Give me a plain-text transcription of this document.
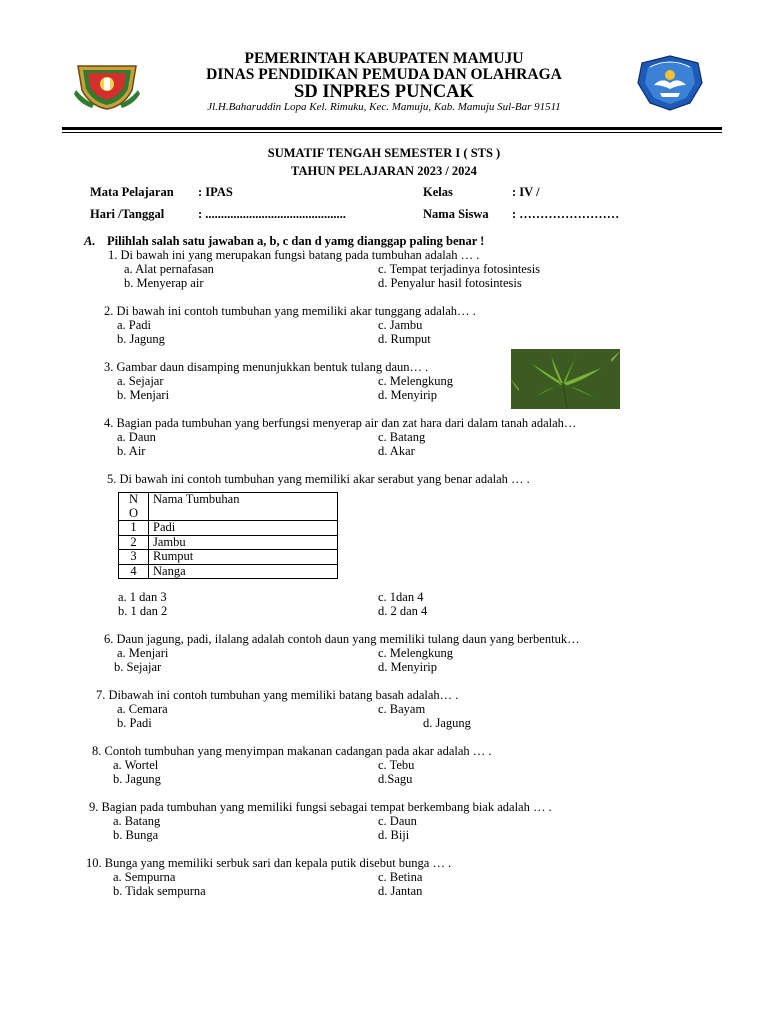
PEMERINTAH KABUPATEN MAMUJU
DINAS PENDIDIKAN PEMUDA DAN OLAHRAGA
SD INPRES PUNCAK
Jl.H.Baharuddin Lopa Kel. Rimuku, Kec. Mamuju, Kab. Mamuju Sul-Bar 91511
SUMATIF TENGAH SEMESTER I ( STS )
TAHUN PELAJARAN 2023 / 2024
Mata Pelajaran : IPAS	Kelas	: IV /
Hari /Tanggal	: .............................................	Nama Siswa : ……………………
A. Pilihlah salah satu jawaban a, b, c dan d yamg dianggap paling benar !
1. Di bawah ini yang merupakan fungsi batang pada tumbuhan adalah … .
a. Alat pernafasan
b. Menyerap air
c. Tempat terjadinya fotosintesis
d. Penyalur hasil fotosintesis
2. Di bawah ini contoh tumbuhan yang memiliki akar tunggang adalah… .
a. Padi
b. Jagung
c. Jambu
d. Rumput
3. Gambar daun disamping menunjukkan bentuk tulang daun… .
a. Sejajar
b. Menjari
c. Melengkung
d. Menyirip
4. Bagian pada tumbuhan yang berfungsi menyerap air dan zat hara dari dalam tanah adalah…
a. Daun
b. Air
c. Batang
d. Akar
5. Di bawah ini contoh tumbuhan yang memiliki akar serabut yang benar adalah … .
N
O	Nama Tumbuhan
1	Padi
2	Jambu
3	Rumput
4	Nanga
a. 1 dan 3
b. 1 dan 2
c. 1dan 4
d. 2 dan 4
6. Daun jagung, padi, ilalang adalah contoh daun yang memiliki tulang daun yang berbentuk…
a. Menjari
b. Sejajar
c. Melengkung
d. Menyirip
7. Dibawah ini contoh tumbuhan yang memiliki batang basah adalah… .
a. Cemara
b. Padi
c. Bayam
d. Jagung
8. Contoh tumbuhan yang menyimpan makanan cadangan pada akar adalah … .
a. Wortel
b. Jagung
c. Tebu
d.Sagu
9. Bagian pada tumbuhan yang memiliki fungsi sebagai tempat berkembang biak adalah … .
a. Batang
b. Bunga
c. Daun
d. Biji
10. Bunga yang memiliki serbuk sari dan kepala putik disebut bunga … .
a. Sempurna
b. Tidak sempurna
c. Betina
d. Jantan
